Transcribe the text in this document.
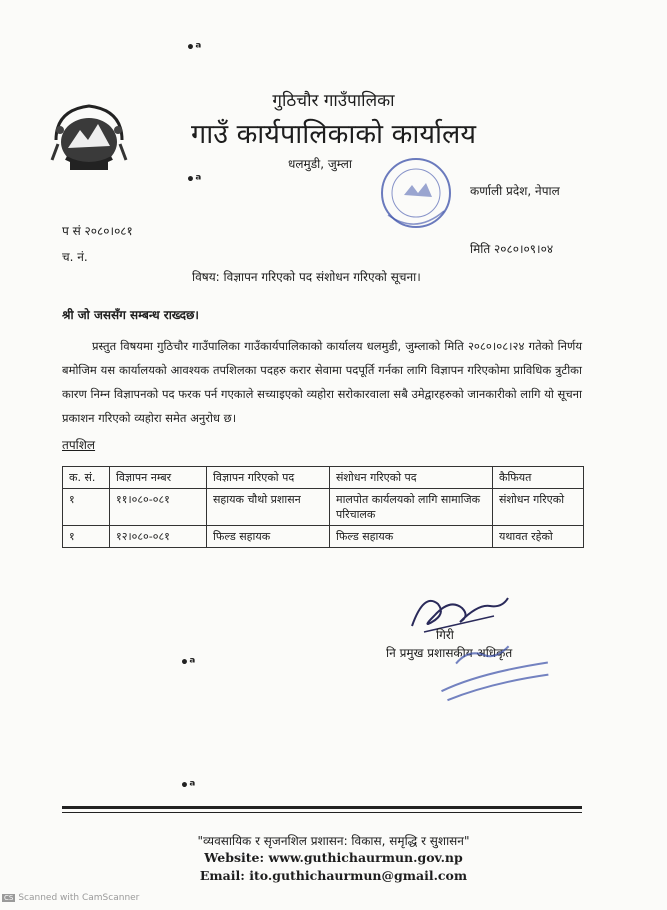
•ᵃ
•ᵃ
•ᵃ
•ᵃ
गुठिचौर गाउँपालिका
गाउँ कार्यपालिकाको कार्यालय
धलमुडी, जुम्ला
कर्णाली प्रदेश, नेपाल
प सं २०८०।०८१
च. नं.
मिति २०८०।०९।०४
विषय: विज्ञापन गरिएको पद संशोधन गरिएको सूचना।
श्री जो जससँग सम्बन्ध राख्दछ।
प्रस्तुत विषयमा गुठिचौर गाउँपालिका गाउँकार्यपालिकाको कार्यालय धलमुडी, जुम्लाको मिति २०८०।०८।२४ गतेको निर्णय बमोजिम यस कार्यालयको आवश्यक तपशिलका पदहरु करार सेवामा पदपूर्ति गर्नका लागि विज्ञापन गरिएकोमा प्राविधिक त्रुटीका कारण निम्न विज्ञापनको पद फरक पर्न गएकाले सच्याइएको व्यहोरा सरोकारवाला सबै उमेद्वारहरुको जानकारीको लागि यो सूचना प्रकाशन गरिएको व्यहोरा समेत अनुरोध छ।
तपशिल
क. सं.	विज्ञापन नम्बर	विज्ञापन गरिएको पद	संशोधन गरिएको पद	कैफियत
१	११।०८०-०८१	सहायक चौथो प्रशासन	मालपोत कार्यलयको लागि सामाजिक परिचालक	संशोधन गरिएको
१	१२।०८०-०८१	फिल्ड सहायक	फिल्ड सहायक	यथावत रहेको
गिरी
नि प्रमुख प्रशासकीय अधिकृत
"व्यवसायिक र सृजनशिल प्रशासन: विकास, समृद्धि र सुशासन"
Website: www.guthichaurmun.gov.np
Email: ito.guthichaurmun@gmail.com
CS Scanned with CamScanner
